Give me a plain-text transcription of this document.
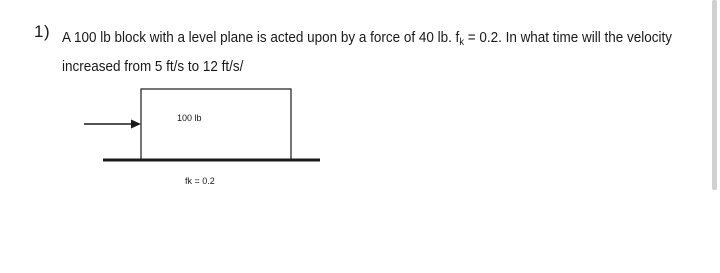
1) A 100 lb block with a level plane is acted upon by a force of 40 lb. $f_k = 0.2$. In what time will the velocity
increased from 5 ft/s to 12 ft/s/
100 lb
fk = 0.2
